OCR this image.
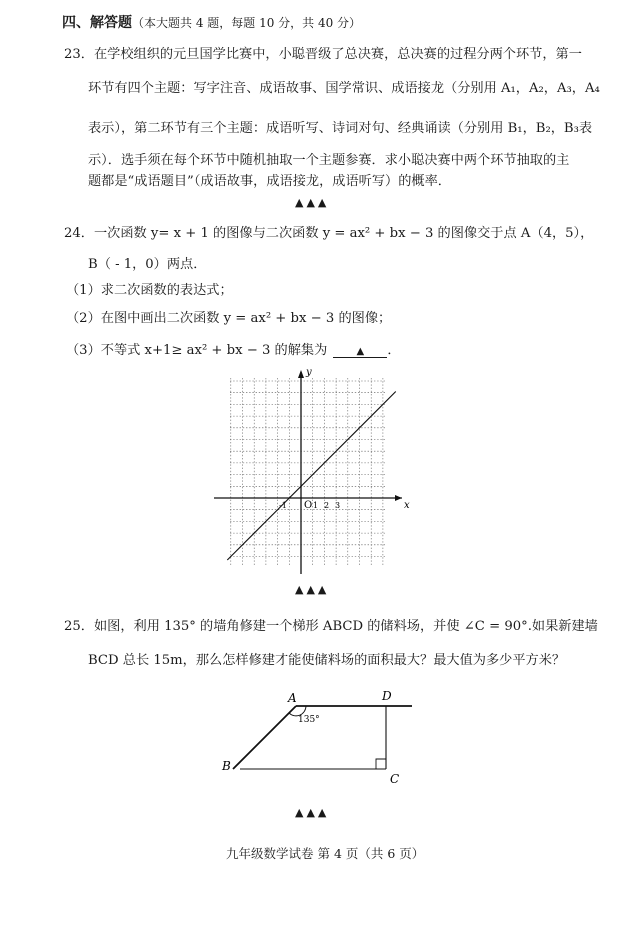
四、解答题（本大题共 4 题，每题 10 分，共 40 分）
23．在学校组织的元旦国学比赛中，小聪晋级了总决赛，总决赛的过程分两个环节，第一
环节有四个主题：写字注音、成语故事、国学常识、成语接龙（分别用 A₁，A₂，A₃，A₄
表示），第二环节有三个主题：成语听写、诗词对句、经典诵读（分别用 B₁，B₂，B₃表
示）．选手须在每个环节中随机抽取一个主题参赛．求小聪决赛中两个环节抽取的主
题都是“成语题目”（成语故事，成语接龙，成语听写）的概率．
▲▲▲
24．一次函数 y= x + 1 的图像与二次函数 y = ax² + bx − 3 的图像交于点 A（4，5），
B（ - 1，0）两点．
（1）求二次函数的表达式；
（2）在图中画出二次函数 y = ax² + bx − 3 的图像；
（3）不等式 x+1≥ ax² + bx − 3 的解集为	▲ ．
x
y
O
-1	1 2 3
▲▲▲
25．如图，利用 135° 的墙角修建一个梯形 ABCD 的储料场，并使 ∠C = 90°.如果新建墙
BCD 总长 15m，那么怎样修建才能使储料场的面积最大？最大值为多少平方米？
A	D
B
C
135°
▲▲▲
九年级数学试卷 第 4 页（共 6 页）
